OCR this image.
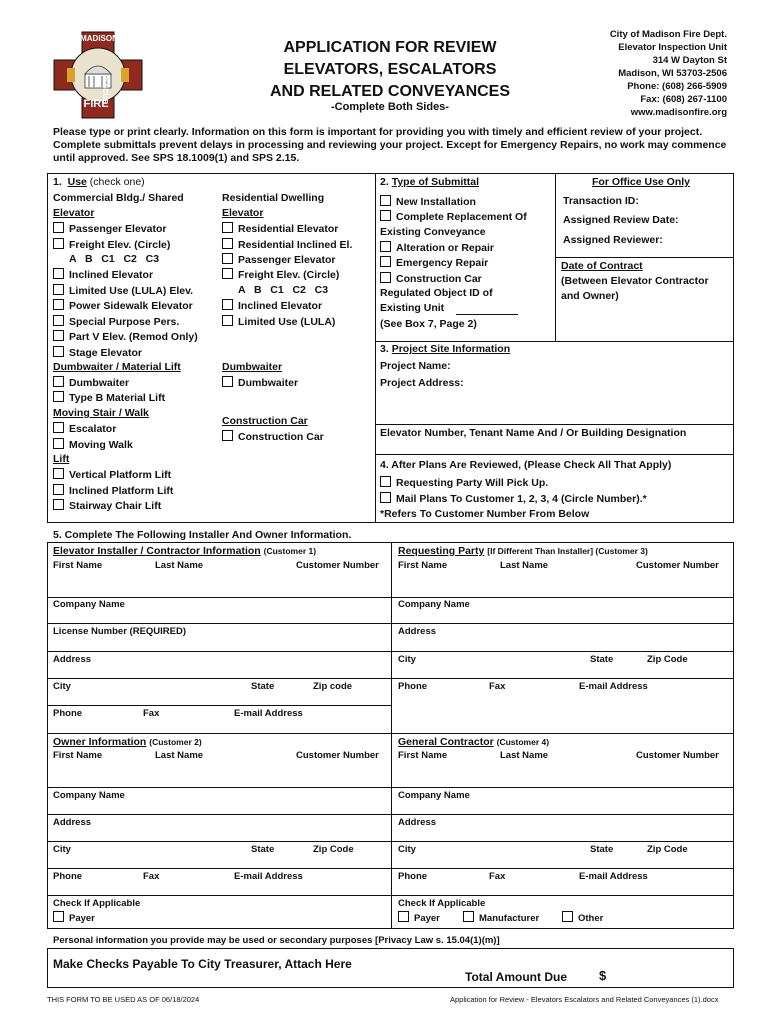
MADISON
RESCUE
FIRE
APPLICATION FOR REVIEW
ELEVATORS, ESCALATORS
AND RELATED CONVEYANCES
-Complete Both Sides-
City of Madison Fire Dept.
Elevator Inspection Unit
314 W Dayton St
Madison, WI 53703-2506
Phone: (608) 266-5909
Fax: (608) 267-1100
www.madisonfire.org
Please type or print clearly. Information on this form is important for providing you with timely and efficient review of your project. Complete submittals prevent delays in processing and reviewing your project. Except for Emergency Repairs, no work may commence until approved. See SPS 18.1009(1) and SPS 2.15.
1. Use (check one)
Commercial Bldg./ Shared
Elevator
Passenger Elevator
Freight Elev. (Circle)
A   B   C1   C2   C3
Inclined Elevator
Limited Use (LULA) Elev.
Power Sidewalk Elevator
Special Purpose Pers.
Part V Elev. (Remod Only)
Stage Elevator
Dumbwaiter / Material Lift
Dumbwaiter
Type B Material Lift
Moving Stair / Walk
Escalator
Moving Walk
Lift
Vertical Platform Lift
Inclined Platform Lift
Stairway Chair Lift
Residential Dwelling
Elevator
Residential Elevator
Residential Inclined El.
Passenger Elevator
Freight Elev. (Circle)
A   B   C1   C2   C3
Inclined Elevator
Limited Use (LULA)
Dumbwaiter
Dumbwaiter
Construction Car
Construction Car
2. Type of Submittal
New Installation
Complete Replacement Of
Existing Conveyance
Alteration or Repair
Emergency Repair
Construction Car
Regulated Object ID of
Existing Unit
(See Box 7, Page 2)
For Office Use Only
Transaction ID:
Assigned Review Date:
Assigned Reviewer:
Date of Contract
(Between Elevator Contractor
and Owner)
3. Project Site Information
Project Name:
Project Address:
Elevator Number, Tenant Name And / Or Building Designation
4. After Plans Are Reviewed, (Please Check All That Apply)
Requesting Party Will Pick Up.
Mail Plans To Customer 1, 2, 3, 4 (Circle Number).*
*Refers To Customer Number From Below
5. Complete The Following Installer And Owner Information.
Elevator Installer / Contractor Information (Customer 1)
First Name	Last Name	Customer Number
Company Name
License Number (REQUIRED)
Address
City	State	Zip code
Phone	Fax	E-mail Address
Requesting Party [If Different Than Installer] (Customer 3)
First Name	Last Name	Customer Number
Company Name
Address
City	State	Zip Code
Phone	Fax	E-mail Address
Owner Information (Customer 2)
First Name	Last Name	Customer Number
Company Name
Address
City	State	Zip Code
Phone	Fax	E-mail Address
Check If Applicable
Payer
General Contractor (Customer 4)
First Name	Last Name	Customer Number
Company Name
Address
City	State	Zip Code
Phone	Fax	E-mail Address
Check If Applicable
Payer	Manufacturer	Other
Personal information you provide may be used or secondary purposes [Privacy Law s. 15.04(1)(m)]
Make Checks Payable To City Treasurer, Attach Here
Total Amount Due $
THIS FORM TO BE USED AS OF 06/18/2024	Application for Review - Elevators Escalators and Related Conveyances (1).docx
